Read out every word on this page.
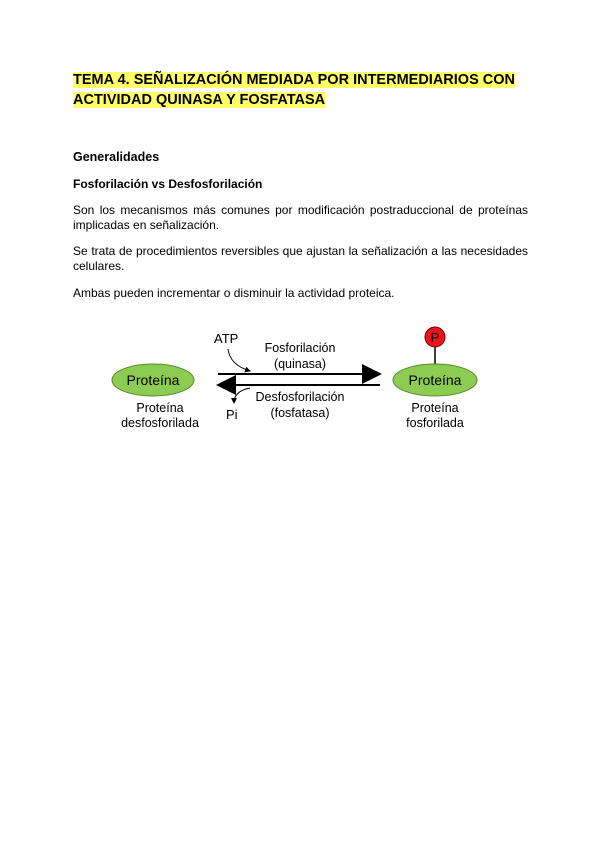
TEMA 4. SEÑALIZACIÓN MEDIADA POR INTERMEDIARIOS CON
ACTIVIDAD QUINASA Y FOSFATASA
Generalidades
Fosforilación vs Desfosforilación

Son los mecanismos más comunes por modificación postraduccional de proteínas implicadas en señalización.

Se trata de procedimientos reversibles que ajustan la señalización a las necesidades celulares.

Ambas pueden incrementar o disminuir la actividad proteica.

Proteína
Proteína
desfosforilada
ATP
Pi
Fosforilación
(quinasa)
Desfosforilación
(fosfatasa)
P
Proteína
Proteína
fosforilada
